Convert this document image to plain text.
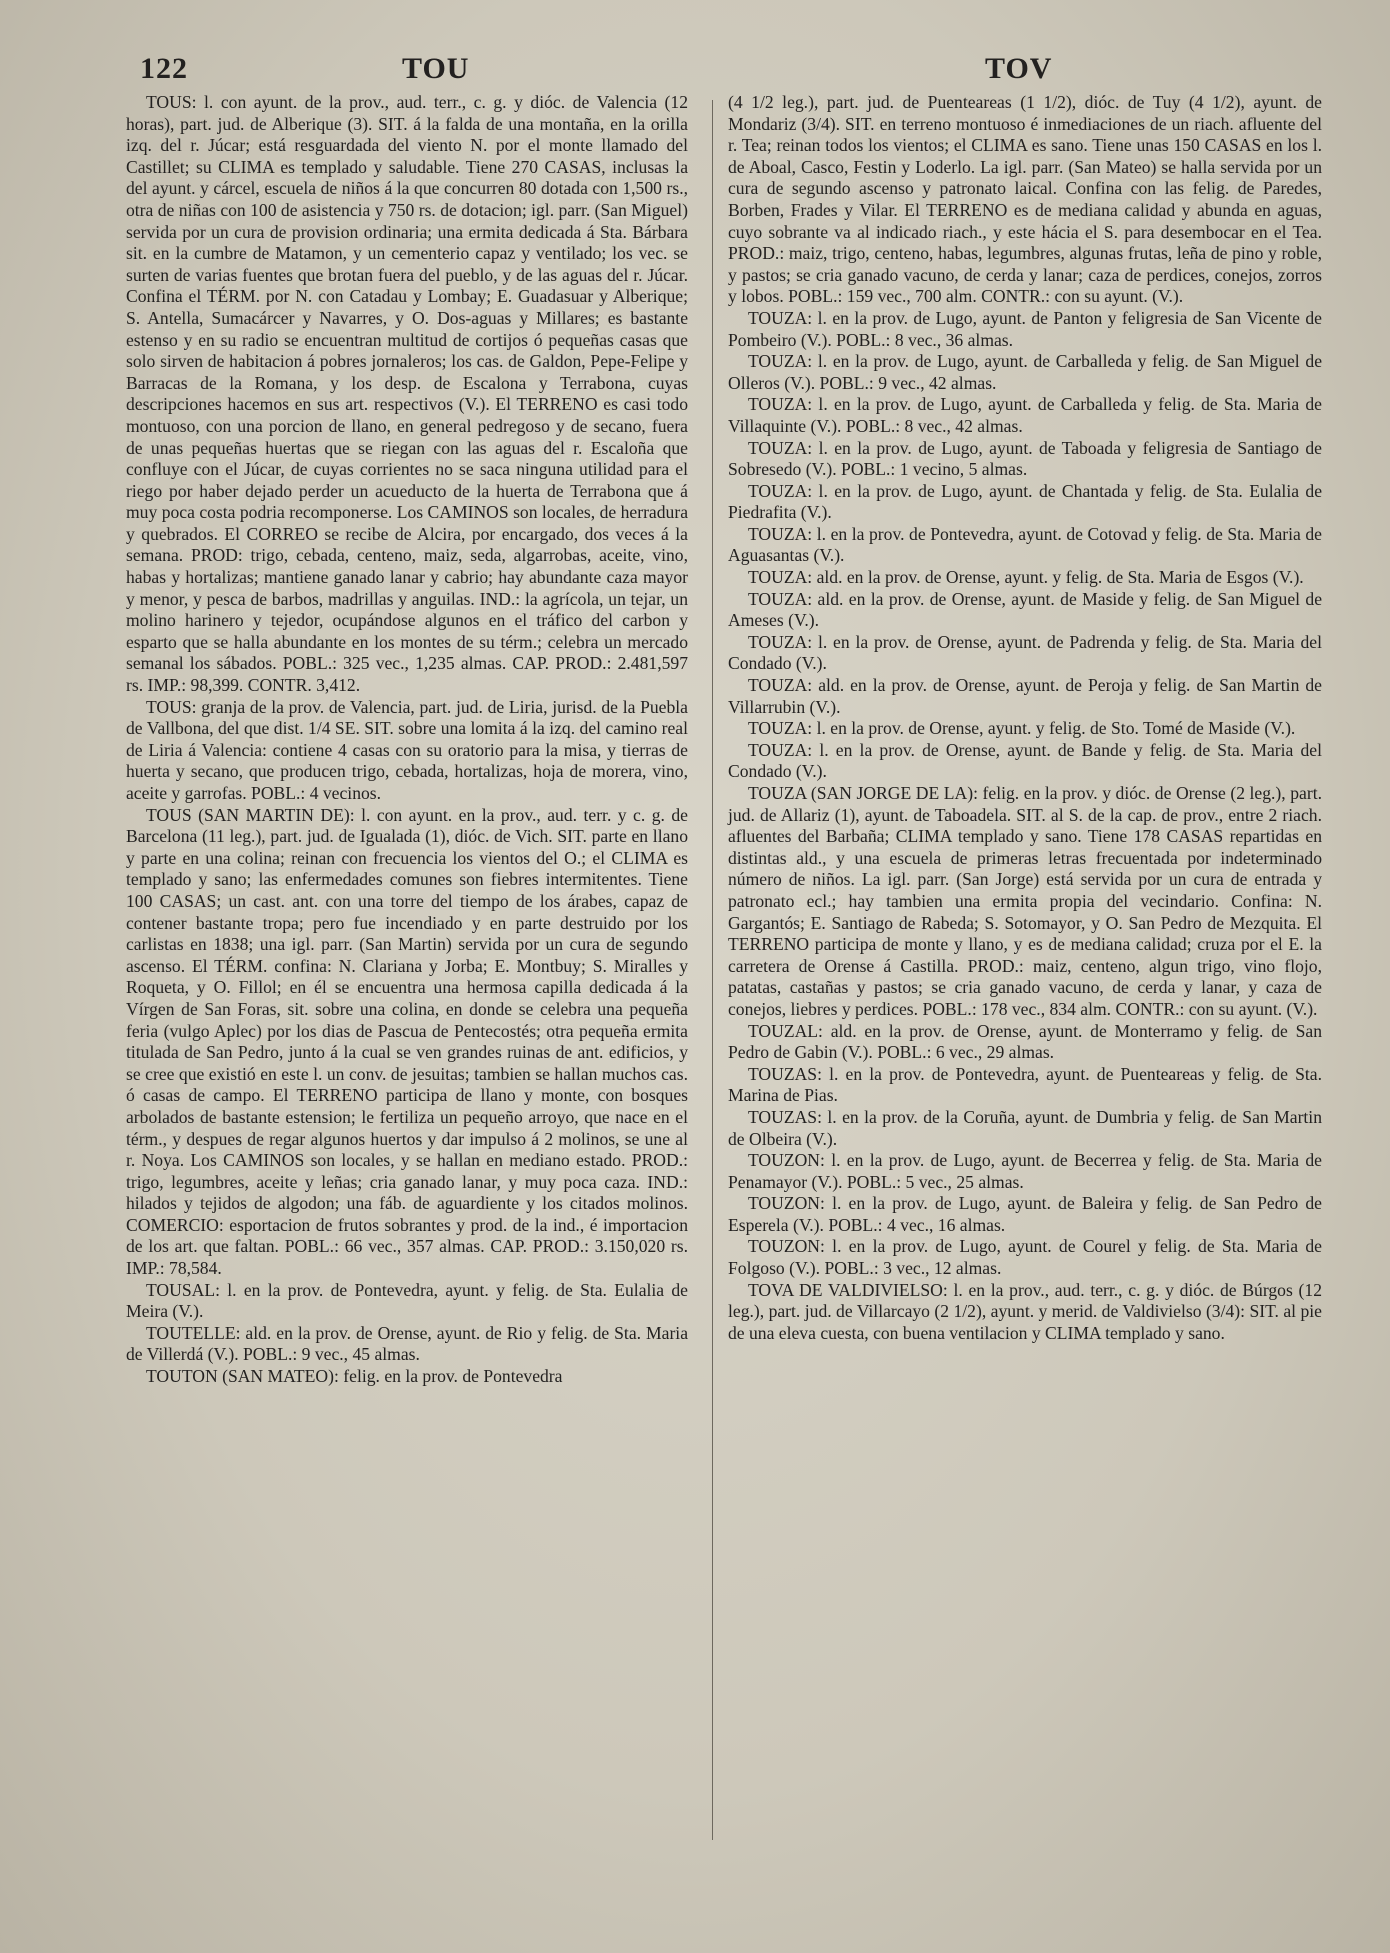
122	TOU	TOV

TOUS: l. con ayunt. de la prov., aud. terr., c. g. y dióc. de Valencia (12 horas), part. jud. de Alberique (3). SIT. á la falda de una montaña, en la orilla izq. del r. Júcar; está resguardada del viento N. por el monte llamado del Castillet; su CLIMA es templado y saludable. Tiene 270 CASAS, inclusas la del ayunt. y cárcel, escuela de niños á la que concurren 80 dotada con 1,500 rs., otra de niñas con 100 de asistencia y 750 rs. de dotacion; igl. parr. (San Miguel) servida por un cura de provision ordinaria; una ermita dedicada á Sta. Bárbara sit. en la cumbre de Matamon, y un cementerio capaz y ventilado; los vec. se surten de varias fuentes que brotan fuera del pueblo, y de las aguas del r. Júcar. Confina el TÉRM. por N. con Catadau y Lombay; E. Guadasuar y Alberique; S. Antella, Sumacárcer y Navarres, y O. Dos-aguas y Millares; es bastante estenso y en su radio se encuentran multitud de cortijos ó pequeñas casas que solo sirven de habitacion á pobres jornaleros; los cas. de Galdon, Pepe-Felipe y Barracas de la Romana, y los desp. de Escalona y Terrabona, cuyas descripciones hacemos en sus art. respectivos (V.). El TERRENO es casi todo montuoso, con una porcion de llano, en general pedregoso y de secano, fuera de unas pequeñas huertas que se riegan con las aguas del r. Escaloña que confluye con el Júcar, de cuyas corrientes no se saca ninguna utilidad para el riego por haber dejado perder un acueducto de la huerta de Terrabona que á muy poca costa podria recomponerse. Los CAMINOS son locales, de herradura y quebrados. El CORREO se recibe de Alcira, por encargado, dos veces á la semana. PROD: trigo, cebada, centeno, maiz, seda, algarrobas, aceite, vino, habas y hortalizas; mantiene ganado lanar y cabrio; hay abundante caza mayor y menor, y pesca de barbos, madrillas y anguilas. IND.: la agrícola, un tejar, un molino harinero y tejedor, ocupándose algunos en el tráfico del carbon y esparto que se halla abundante en los montes de su térm.; celebra un mercado semanal los sábados. POBL.: 325 vec., 1,235 almas. CAP. PROD.: 2.481,597 rs. IMP.: 98,399. CONTR. 3,412.

TOUS: granja de la prov. de Valencia, part. jud. de Liria, jurisd. de la Puebla de Vallbona, del que dist. 1/4 SE. SIT. sobre una lomita á la izq. del camino real de Liria á Valencia: contiene 4 casas con su oratorio para la misa, y tierras de huerta y secano, que producen trigo, cebada, hortalizas, hoja de morera, vino, aceite y garrofas. POBL.: 4 vecinos.

TOUS (SAN MARTIN DE): l. con ayunt. en la prov., aud. terr. y c. g. de Barcelona (11 leg.), part. jud. de Igualada (1), dióc. de Vich. SIT. parte en llano y parte en una colina; reinan con frecuencia los vientos del O.; el CLIMA es templado y sano; las enfermedades comunes son fiebres intermitentes. Tiene 100 CASAS; un cast. ant. con una torre del tiempo de los árabes, capaz de contener bastante tropa; pero fue incendiado y en parte destruido por los carlistas en 1838; una igl. parr. (San Martin) servida por un cura de segundo ascenso. El TÉRM. confina: N. Clariana y Jorba; E. Montbuy; S. Miralles y Roqueta, y O. Fillol; en él se encuentra una hermosa capilla dedicada á la Vírgen de San Foras, sit. sobre una colina, en donde se celebra una pequeña feria (vulgo Aplec) por los dias de Pascua de Pentecostés; otra pequeña ermita titulada de San Pedro, junto á la cual se ven grandes ruinas de ant. edificios, y se cree que existió en este l. un conv. de jesuitas; tambien se hallan muchos cas. ó casas de campo. El TERRENO participa de llano y monte, con bosques arbolados de bastante estension; le fertiliza un pequeño arroyo, que nace en el térm., y despues de regar algunos huertos y dar impulso á 2 molinos, se une al r. Noya. Los CAMINOS son locales, y se hallan en mediano estado. PROD.: trigo, legumbres, aceite y leñas; cria ganado lanar, y muy poca caza. IND.: hilados y tejidos de algodon; una fáb. de aguardiente y los citados molinos. COMERCIO: esportacion de frutos sobrantes y prod. de la ind., é importacion de los art. que faltan. POBL.: 66 vec., 357 almas. CAP. PROD.: 3.150,020 rs. IMP.: 78,584.

TOUSAL: l. en la prov. de Pontevedra, ayunt. y felig. de Sta. Eulalia de Meira (V.).

TOUTELLE: ald. en la prov. de Orense, ayunt. de Rio y felig. de Sta. Maria de Villerdá (V.). POBL.: 9 vec., 45 almas.

TOUTON (SAN MATEO): felig. en la prov. de Pontevedra

(4 1/2 leg.), part. jud. de Puenteareas (1 1/2), dióc. de Tuy (4 1/2), ayunt. de Mondariz (3/4). SIT. en terreno montuoso é inmediaciones de un riach. afluente del r. Tea; reinan todos los vientos; el CLIMA es sano. Tiene unas 150 CASAS en los l. de Aboal, Casco, Festin y Loderlo. La igl. parr. (San Mateo) se halla servida por un cura de segundo ascenso y patronato laical. Confina con las felig. de Paredes, Borben, Frades y Vilar. El TERRENO es de mediana calidad y abunda en aguas, cuyo sobrante va al indicado riach., y este hácia el S. para desembocar en el Tea. PROD.: maiz, trigo, centeno, habas, legumbres, algunas frutas, leña de pino y roble, y pastos; se cria ganado vacuno, de cerda y lanar; caza de perdices, conejos, zorros y lobos. POBL.: 159 vec., 700 alm. CONTR.: con su ayunt. (V.).

TOUZA: l. en la prov. de Lugo, ayunt. de Panton y feligresia de San Vicente de Pombeiro (V.). POBL.: 8 vec., 36 almas.

TOUZA: l. en la prov. de Lugo, ayunt. de Carballeda y felig. de San Miguel de Olleros (V.). POBL.: 9 vec., 42 almas.

TOUZA: l. en la prov. de Lugo, ayunt. de Carballeda y felig. de Sta. Maria de Villaquinte (V.). POBL.: 8 vec., 42 almas.

TOUZA: l. en la prov. de Lugo, ayunt. de Taboada y feligresia de Santiago de Sobresedo (V.). POBL.: 1 vecino, 5 almas.

TOUZA: l. en la prov. de Lugo, ayunt. de Chantada y felig. de Sta. Eulalia de Piedrafita (V.).

TOUZA: l. en la prov. de Pontevedra, ayunt. de Cotovad y felig. de Sta. Maria de Aguasantas (V.).

TOUZA: ald. en la prov. de Orense, ayunt. y felig. de Sta. Maria de Esgos (V.).

TOUZA: ald. en la prov. de Orense, ayunt. de Maside y felig. de San Miguel de Ameses (V.).

TOUZA: l. en la prov. de Orense, ayunt. de Padrenda y felig. de Sta. Maria del Condado (V.).

TOUZA: ald. en la prov. de Orense, ayunt. de Peroja y felig. de San Martin de Villarrubin (V.).

TOUZA: l. en la prov. de Orense, ayunt. y felig. de Sto. Tomé de Maside (V.).

TOUZA: l. en la prov. de Orense, ayunt. de Bande y felig. de Sta. Maria del Condado (V.).

TOUZA (SAN JORGE DE LA): felig. en la prov. y dióc. de Orense (2 leg.), part. jud. de Allariz (1), ayunt. de Taboadela. SIT. al S. de la cap. de prov., entre 2 riach. afluentes del Barbaña; CLIMA templado y sano. Tiene 178 CASAS repartidas en distintas ald., y una escuela de primeras letras frecuentada por indeterminado número de niños. La igl. parr. (San Jorge) está servida por un cura de entrada y patronato ecl.; hay tambien una ermita propia del vecindario. Confina: N. Gargantós; E. Santiago de Rabeda; S. Sotomayor, y O. San Pedro de Mezquita. El TERRENO participa de monte y llano, y es de mediana calidad; cruza por el E. la carretera de Orense á Castilla. PROD.: maiz, centeno, algun trigo, vino flojo, patatas, castañas y pastos; se cria ganado vacuno, de cerda y lanar, y caza de conejos, liebres y perdices. POBL.: 178 vec., 834 alm. CONTR.: con su ayunt. (V.).

TOUZAL: ald. en la prov. de Orense, ayunt. de Monterramo y felig. de San Pedro de Gabin (V.). POBL.: 6 vec., 29 almas.

TOUZAS: l. en la prov. de Pontevedra, ayunt. de Puenteareas y felig. de Sta. Marina de Pias.

TOUZAS: l. en la prov. de la Coruña, ayunt. de Dumbria y felig. de San Martin de Olbeira (V.).

TOUZON: l. en la prov. de Lugo, ayunt. de Becerrea y felig. de Sta. Maria de Penamayor (V.). POBL.: 5 vec., 25 almas.

TOUZON: l. en la prov. de Lugo, ayunt. de Baleira y felig. de San Pedro de Esperela (V.). POBL.: 4 vec., 16 almas.

TOUZON: l. en la prov. de Lugo, ayunt. de Courel y felig. de Sta. Maria de Folgoso (V.). POBL.: 3 vec., 12 almas.

TOVA DE VALDIVIELSO: l. en la prov., aud. terr., c. g. y dióc. de Búrgos (12 leg.), part. jud. de Villarcayo (2 1/2), ayunt. y merid. de Valdivielso (3/4): SIT. al pie de una eleva cuesta, con buena ventilacion y CLIMA templado y sano.
